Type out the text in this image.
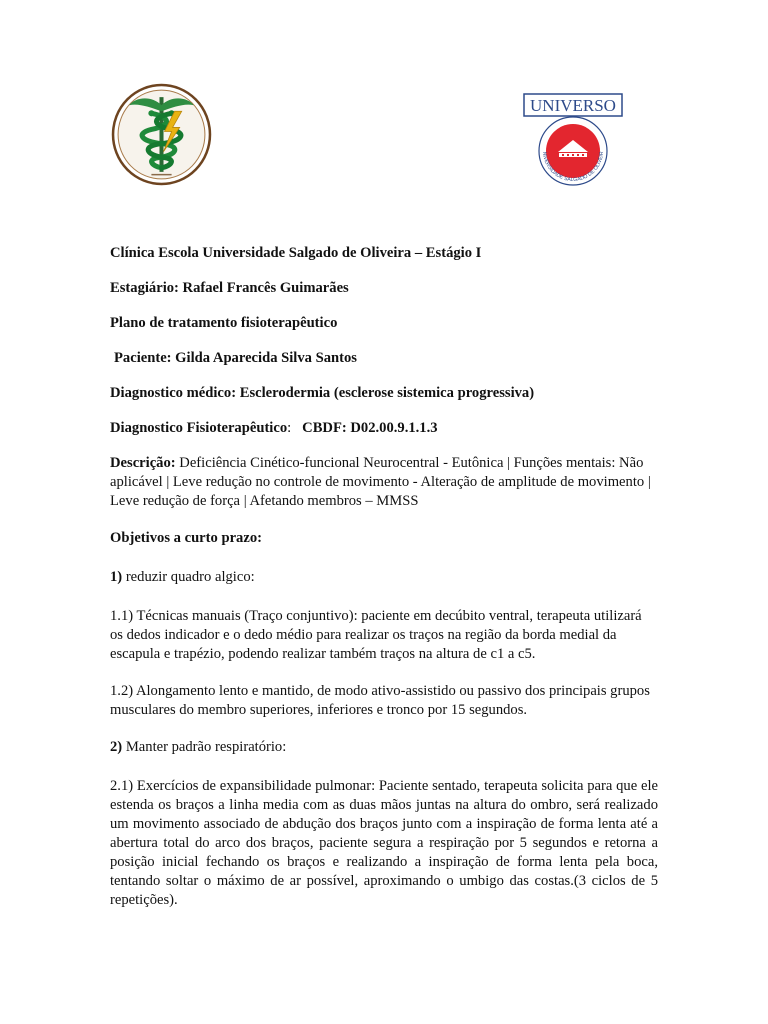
UNIVERSO
NIVERSIDADE SALGADO DE OLIVEIR

Clínica Escola Universidade Salgado de Oliveira – Estágio I

Estagiário: Rafael Francês Guimarães

Plano de tratamento fisioterapêutico

Paciente: Gilda Aparecida Silva Santos

Diagnostico médico: Esclerodermia (esclerose sistemica progressiva)

Diagnostico Fisioterapêutico: CBDF: D02.00.9.1.1.3

Descrição: Deficiência Cinético-funcional Neurocentral - Eutônica | Funções mentais: Não aplicável | Leve redução no controle de movimento - Alteração de amplitude de movimento | Leve redução de força | Afetando membros – MMSS

Objetivos a curto prazo:

1) reduzir quadro algico:

1.1) Técnicas manuais (Traço conjuntivo): paciente em decúbito ventral, terapeuta utilizará os dedos indicador e o dedo médio para realizar os traços na região da borda medial da escapula e trapézio, podendo realizar também traços na altura de c1 a c5.

1.2) Alongamento lento e mantido, de modo ativo-assistido ou passivo dos principais grupos musculares do membro superiores, inferiores e tronco por 15 segundos.

2) Manter padrão respiratório:

2.1) Exercícios de expansibilidade pulmonar: Paciente sentado, terapeuta solicita para que ele estenda os braços a linha media com as duas mãos juntas na altura do ombro, será realizado um movimento associado de abdução dos braços junto com a inspiração de forma lenta até a abertura total do arco dos braços, paciente segura a respiração por 5 segundos e retorna a posição inicial fechando os braços e realizando a inspiração de forma lenta pela boca, tentando soltar o máximo de ar possível, aproximando o umbigo das costas.(3 ciclos de 5 repetições).
